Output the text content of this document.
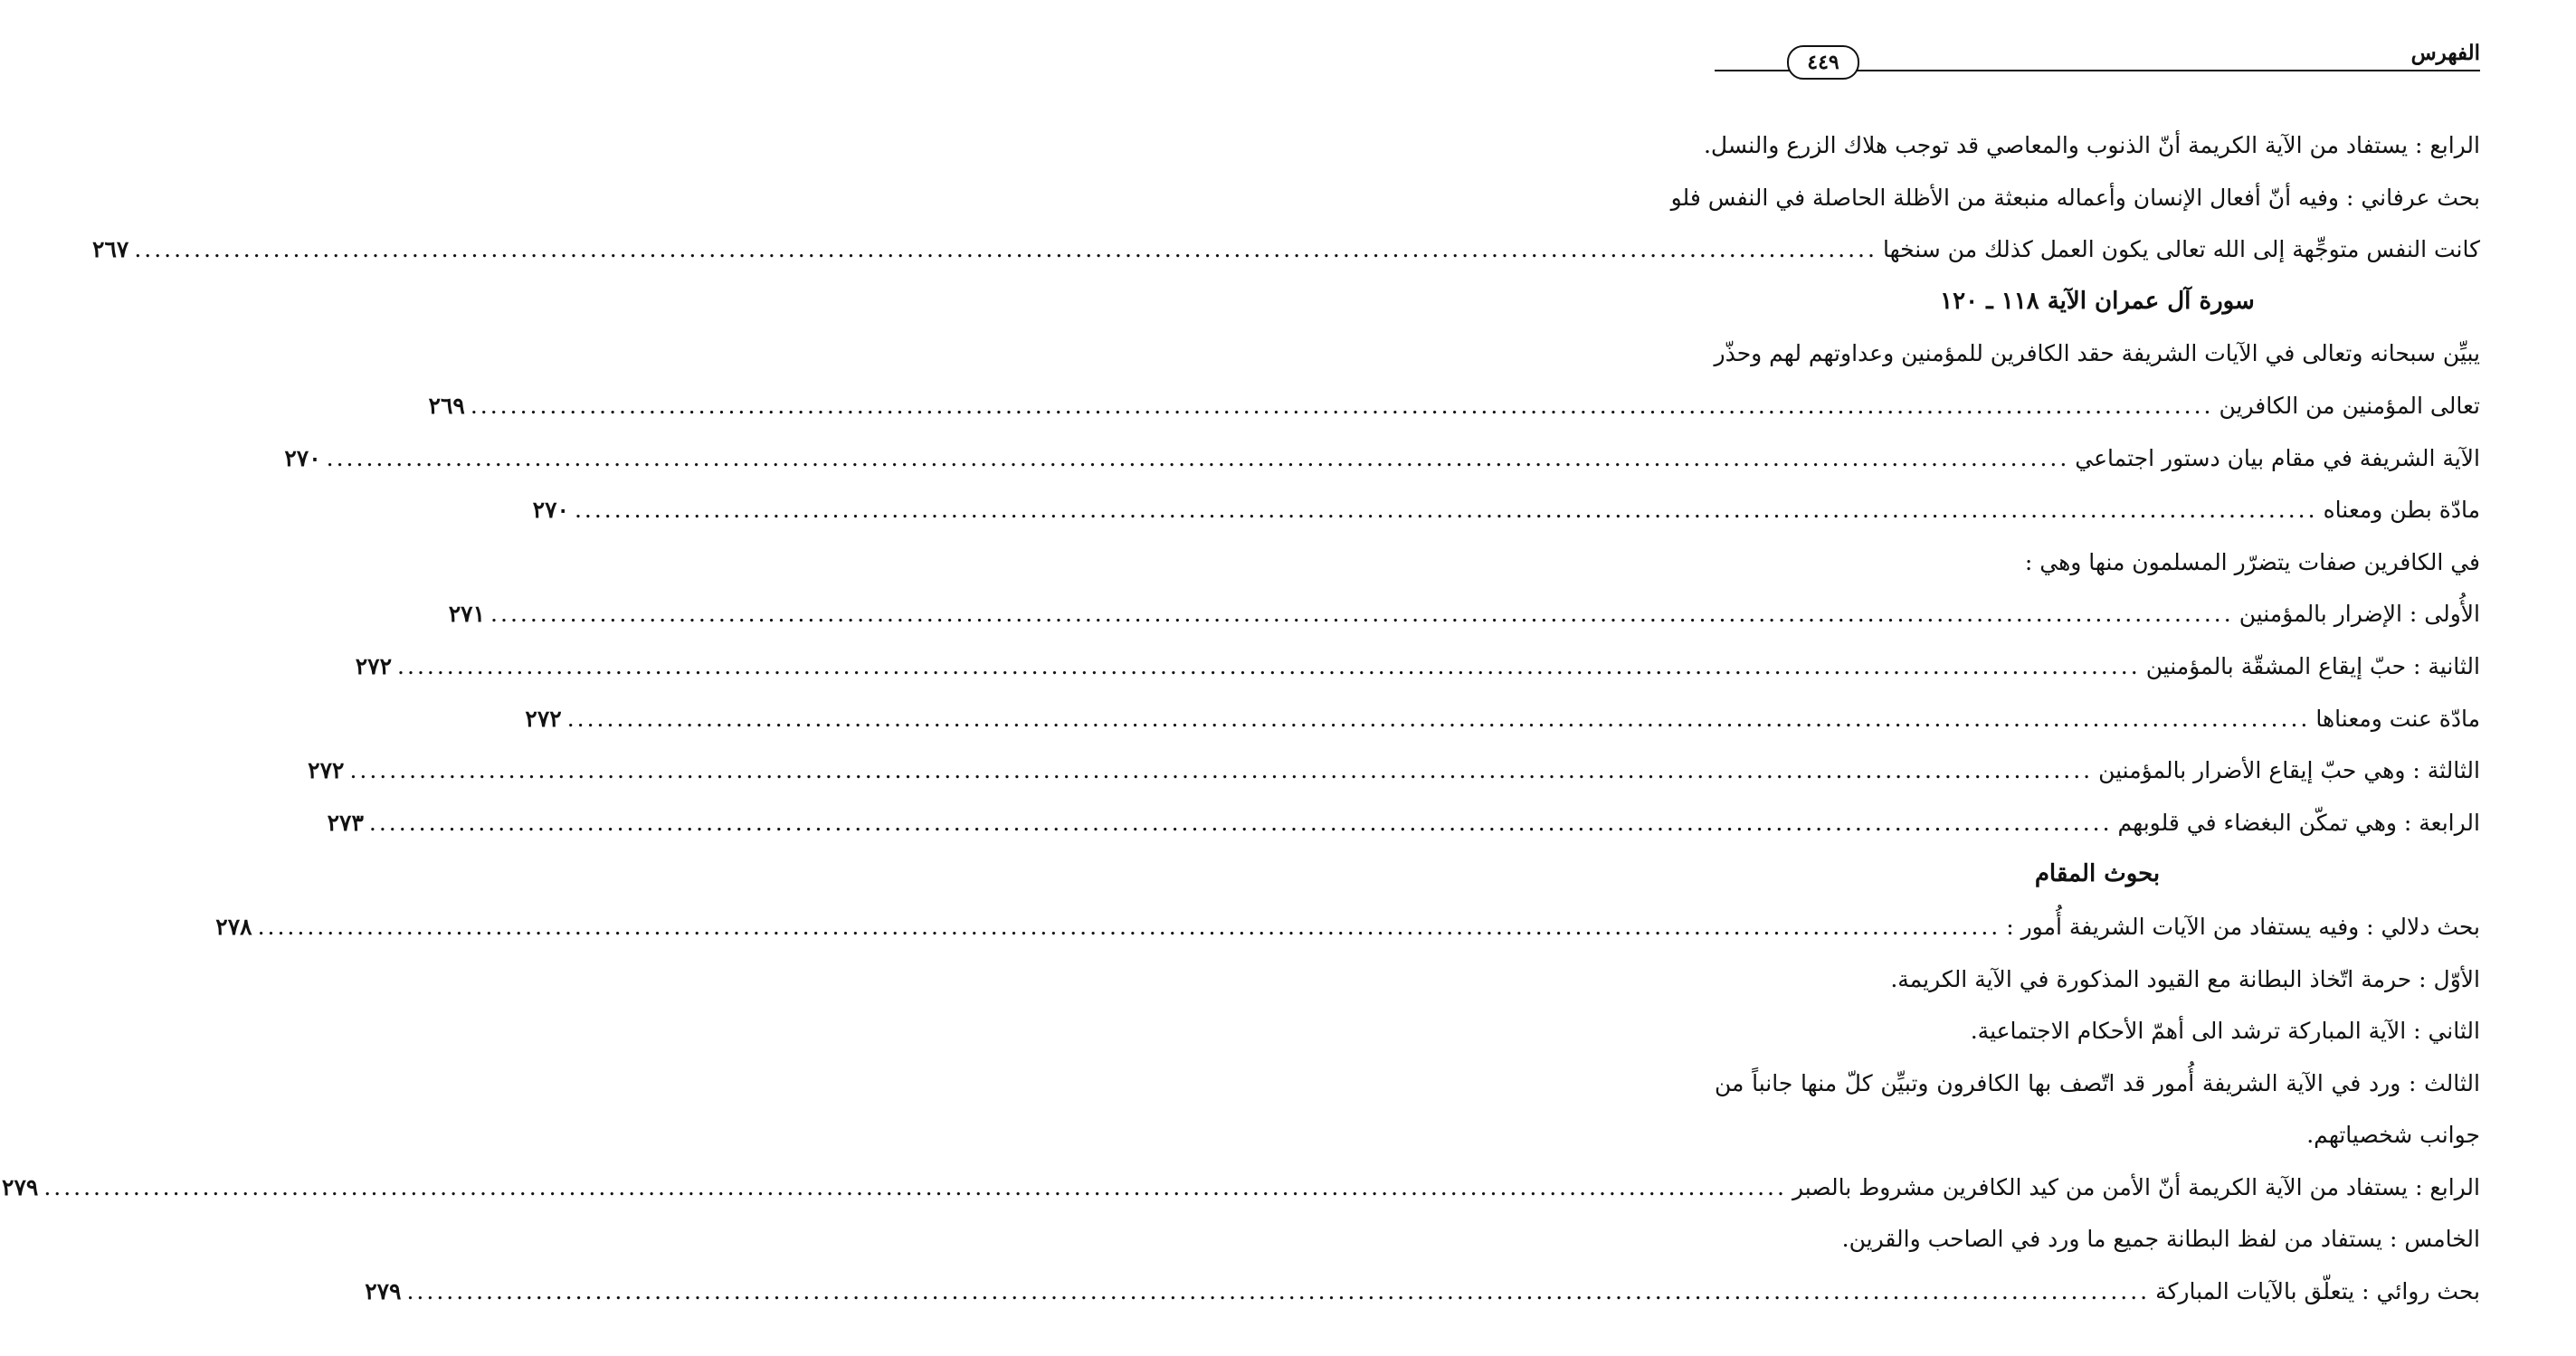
الفهرس
٤٤٩
الرابع : يستفاد من الآية الكريمة أنّ الذنوب والمعاصي قد توجب هلاك الزرع والنسل.
بحث عرفاني : وفيه أنّ أفعال الإنسان وأعماله منبعثة من الأظلة الحاصلة في النفس فلو
كانت النفس متوجِّهة إلى الله تعالى يكون العمل كذلك من سنخها
................................................................................................................................................................................
٢٦٧
سورة آل عمران الآية ١١٨ ـ ١٢٠
يبيِّن سبحانه وتعالى في الآيات الشريفة حقد الكافرين للمؤمنين وعداوتهم لهم وحذّر
تعالى المؤمنين من الكافرين
................................................................................................................................................................................
٢٦٩
الآية الشريفة في مقام بيان دستور اجتماعي
................................................................................................................................................................................
٢٧٠
مادّة بطن ومعناه
................................................................................................................................................................................
٢٧٠
في الكافرين صفات يتضرّر المسلمون منها وهي :
الأُولى : الإضرار بالمؤمنين
................................................................................................................................................................................
٢٧١
الثانية : حبّ إيقاع المشقّة بالمؤمنين
................................................................................................................................................................................
٢٧٢
مادّة عنت ومعناها
................................................................................................................................................................................
٢٧٢
الثالثة : وهي حبّ إيقاع الأضرار بالمؤمنين
................................................................................................................................................................................
٢٧٢
الرابعة : وهي تمكّن البغضاء في قلوبهم
................................................................................................................................................................................
٢٧٣
بحوث المقام
بحث دلالي : وفيه يستفاد من الآيات الشريفة أُمور :
................................................................................................................................................................................
٢٧٨
الأوّل : حرمة اتّخاذ البطانة مع القيود المذكورة في الآية الكريمة.
الثاني : الآية المباركة ترشد الى أهمّ الأحكام الاجتماعية.
الثالث : ورد في الآية الشريفة أُمور قد اتّصف بها الكافرون وتبيِّن كلّ منها جانباً من
جوانب شخصياتهم.
الرابع : يستفاد من الآية الكريمة أنّ الأمن من كيد الكافرين مشروط بالصبر
................................................................................................................................................................................
٢٧٩
الخامس : يستفاد من لفظ البطانة جميع ما ورد في الصاحب والقرين.
بحث روائي : يتعلّق بالآيات المباركة
................................................................................................................................................................................
٢٧٩
